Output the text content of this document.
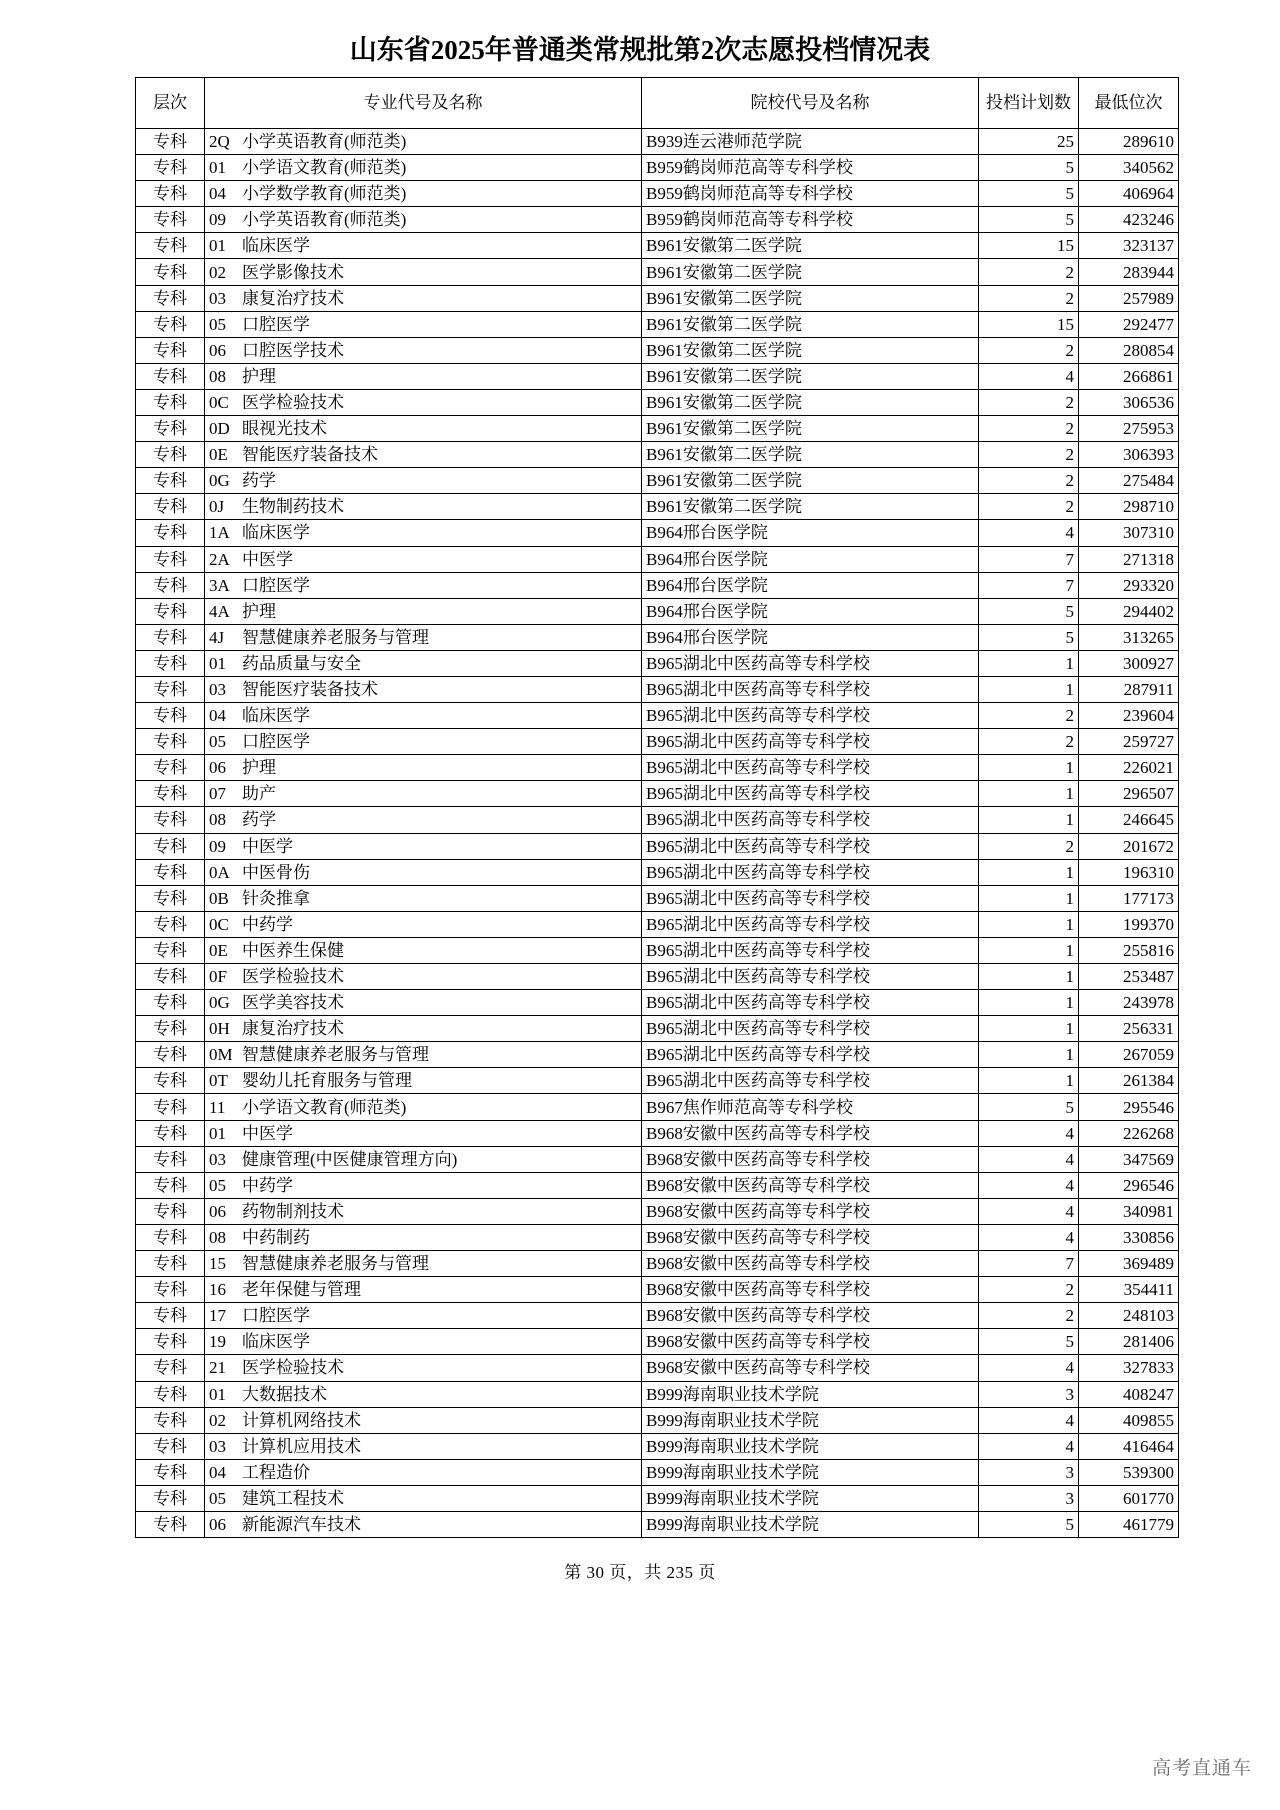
山东省2025年普通类常规批第2次志愿投档情况表
层次	专业代号及名称	院校代号及名称	投档计划数	最低位次
专科	2Q 小学英语教育(师范类)	B939连云港师范学院	25	289610
专科	01 小学语文教育(师范类)	B959鹤岗师范高等专科学校	5	340562
专科	04 小学数学教育(师范类)	B959鹤岗师范高等专科学校	5	406964
专科	09 小学英语教育(师范类)	B959鹤岗师范高等专科学校	5	423246
专科	01 临床医学	B961安徽第二医学院	15	323137
专科	02 医学影像技术	B961安徽第二医学院	2	283944
专科	03 康复治疗技术	B961安徽第二医学院	2	257989
专科	05 口腔医学	B961安徽第二医学院	15	292477
专科	06 口腔医学技术	B961安徽第二医学院	2	280854
专科	08 护理	B961安徽第二医学院	4	266861
专科	0C 医学检验技术	B961安徽第二医学院	2	306536
专科	0D 眼视光技术	B961安徽第二医学院	2	275953
专科	0E 智能医疗装备技术	B961安徽第二医学院	2	306393
专科	0G 药学	B961安徽第二医学院	2	275484
专科	0J 生物制药技术	B961安徽第二医学院	2	298710
专科	1A 临床医学	B964邢台医学院	4	307310
专科	2A 中医学	B964邢台医学院	7	271318
专科	3A 口腔医学	B964邢台医学院	7	293320
专科	4A 护理	B964邢台医学院	5	294402
专科	4J 智慧健康养老服务与管理	B964邢台医学院	5	313265
专科	01 药品质量与安全	B965湖北中医药高等专科学校	1	300927
专科	03 智能医疗装备技术	B965湖北中医药高等专科学校	1	287911
专科	04 临床医学	B965湖北中医药高等专科学校	2	239604
专科	05 口腔医学	B965湖北中医药高等专科学校	2	259727
专科	06 护理	B965湖北中医药高等专科学校	1	226021
专科	07 助产	B965湖北中医药高等专科学校	1	296507
专科	08 药学	B965湖北中医药高等专科学校	1	246645
专科	09 中医学	B965湖北中医药高等专科学校	2	201672
专科	0A 中医骨伤	B965湖北中医药高等专科学校	1	196310
专科	0B 针灸推拿	B965湖北中医药高等专科学校	1	177173
专科	0C 中药学	B965湖北中医药高等专科学校	1	199370
专科	0E 中医养生保健	B965湖北中医药高等专科学校	1	255816
专科	0F 医学检验技术	B965湖北中医药高等专科学校	1	253487
专科	0G 医学美容技术	B965湖北中医药高等专科学校	1	243978
专科	0H 康复治疗技术	B965湖北中医药高等专科学校	1	256331
专科	0M 智慧健康养老服务与管理	B965湖北中医药高等专科学校	1	267059
专科	0T 婴幼儿托育服务与管理	B965湖北中医药高等专科学校	1	261384
专科	11 小学语文教育(师范类)	B967焦作师范高等专科学校	5	295546
专科	01 中医学	B968安徽中医药高等专科学校	4	226268
专科	03 健康管理(中医健康管理方向)	B968安徽中医药高等专科学校	4	347569
专科	05 中药学	B968安徽中医药高等专科学校	4	296546
专科	06 药物制剂技术	B968安徽中医药高等专科学校	4	340981
专科	08 中药制药	B968安徽中医药高等专科学校	4	330856
专科	15 智慧健康养老服务与管理	B968安徽中医药高等专科学校	7	369489
专科	16 老年保健与管理	B968安徽中医药高等专科学校	2	354411
专科	17 口腔医学	B968安徽中医药高等专科学校	2	248103
专科	19 临床医学	B968安徽中医药高等专科学校	5	281406
专科	21 医学检验技术	B968安徽中医药高等专科学校	4	327833
专科	01 大数据技术	B999海南职业技术学院	3	408247
专科	02 计算机网络技术	B999海南职业技术学院	4	409855
专科	03 计算机应用技术	B999海南职业技术学院	4	416464
专科	04 工程造价	B999海南职业技术学院	3	539300
专科	05 建筑工程技术	B999海南职业技术学院	3	601770
专科	06 新能源汽车技术	B999海南职业技术学院	5	461779
第 30 页，共 235 页
高考直通车
